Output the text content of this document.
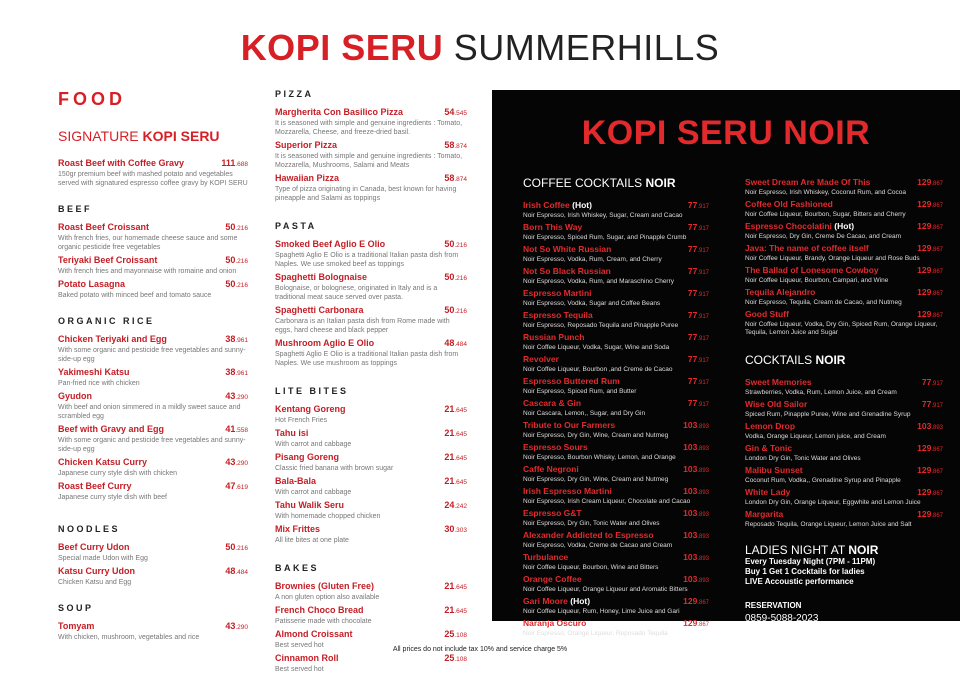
KOPI SERU SUMMERHILLS
FOOD
SIGNATURE KOPI SERU
Roast Beef with Coffee Gravy	111.688
150gr premium beef with mashed potato and vegetables served with signatured espresso coffee gravy by KOPI SERU
BEEF
Roast Beef Croissant	50.216
With french fries, our homemade cheese sauce and some organic pesticide free vegetables
Teriyaki Beef Croissant	50.216
With french fries and mayonnaise with romaine and onion
Potato Lasagna	50.216
Baked potato with minced beef and tomato sauce
ORGANIC RICE
Chicken Teriyaki and Egg	38.961
With some organic and pesticide free vegetables and sunny-side-up egg
Yakimeshi Katsu	38.961
Pan-fried rice with chicken
Gyudon	43.290
With beef and onion simmered in a mildly sweet sauce and scrambled egg
Beef with Gravy and Egg	41.558
With some organic and pesticide free vegetables and sunny-side-up egg
Chicken Katsu Curry	43.290
Japanese curry style dish with chicken
Roast Beef Curry	47.619
Japanese curry style dish with beef
NOODLES
Beef Curry Udon	50.216
Special made Udon with Egg
Katsu Curry Udon	48.484
Chicken Katsu and Egg
SOUP
Tomyam	43.290
With chicken, mushroom, vegetables and rice
PIZZA
Margherita Con Basilico Pizza	54.545
It is seasoned with simple and genuine ingredients : Tomato, Mozzarella, Cheese, and freeze-dried basil.
Superior Pizza	58.874
It is seasoned with simple and genuine ingredients : Tomato, Mozzarella, Mushrooms, Salami and Meats
Hawaiian Pizza	58.874
Type of pizza originating in Canada, best known for having pineapple and Salami as toppings
PASTA
Smoked Beef Aglio E Olio	50.216
Spaghetti Aglio E Olio is a traditional Italian pasta dish from Naples. We use smoked beef as toppings
Spaghetti Bolognaise	50.216
Bolognaise, or bolognese, originated in Italy and is a traditional meat sauce served over pasta.
Spaghetti Carbonara	50.216
Carbonara is an Italian pasta dish from Rome made with eggs, hard cheese and black pepper
Mushroom Aglio E Olio	48.484
Spaghetti Aglio E Olio is a traditional Italian pasta dish from Naples. We use mushroom as toppings
LITE BITES
Kentang Goreng	21.645
Hot French Fries
Tahu isi	21.645
With carrot and cabbage
Pisang Goreng	21.645
Classic fried banana with brown sugar
Bala-Bala	21.645
With carrot and cabbage
Tahu Walik Seru	24.242
With homemade chopped chicken
Mix Frittes	30.303
All lite bites at one plate
BAKES
Brownies (Gluten Free)	21.645
A non gluten option also available
French Choco Bread	21.645
Patisserie made with chocolate
Almond Croissant	25.108
Best served hot
Cinnamon Roll	25.108
Best served hot
KOPI SERU NOIR
COFFEE COCKTAILS NOIR
Irish Coffee (Hot)	77.917
Noir Espresso, Irish Whiskey, Sugar, Cream and Cacao
Born This Way	77.917
Noir Espresso, Spiced Rum, Sugar, and Pinapple Crumb
Not So White Russian	77.917
Noir Espresso, Vodka, Rum, Cream, and Cherry
Not So Black Russian	77.917
Noir Espresso, Vodka, Rum, and Maraschino Cherry
Espresso Martini	77.917
Noir Espresso, Vodka, Sugar and Coffee Beans
Espresso Tequila	77.917
Noir Espresso, Reposado Tequila and Pinapple Puree
Russian Punch	77.917
Noir Coffee Liqueur, Vodka, Sugar, Wine and Soda
Revolver	77.917
Noir Coffee Liqueur, Bourbon ,and Creme de Cacao
Espresso Buttered Rum	77.917
Noir Espresso, Spiced Rum, and Butter
Cascara & Gin	77.917
Noir Cascara, Lemon,, Sugar, and Dry Gin
Tribute to Our Farmers	103.893
Noir Espresso, Dry Gin, Wine, Cream and Nutmeg
Espresso Sours	103.893
Noir Espresso, Bourbon Whisky, Lemon, and Orange
Caffe Negroni	103.893
Noir Espresso, Dry Gin, Wine, Cream and Nutmeg
Irish Espresso Martini	103.893
Noir Espresso, Irish Cream Liqueur, Chocolate and Cacao
Espresso G&T	103.893
Noir Espresso, Dry Gin, Tonic Water and Olives
Alexander Addicted to Espresso	103.893
Noir Espresso, Vodka, Creme de Cacao and Cream
Turbulance	103.893
Noir Coffee Liqueur, Bourbon, Wine and Bitters
Orange Coffee	103.893
Noir Coffee Liqueur, Orange Liqueur and Aromatic Bitters
Gari Moore (Hot)	129.867
Noir Coffee Liqueur, Rum, Honey, Lime Juice and Gari
Naranja Oscuro	129.867
Noir Espresso, Orange Liqueur, Reposado Tequila
Sweet Dream Are Made Of This	129.867
Noir Espresso, Irish Whiskey, Coconut Rum, and Cocoa
Coffee Old Fashioned	129.867
Noir Coffee Liqueur, Bourbon, Sugar, Bitters and Cherry
Espresso Chocolatini (Hot)	129.867
Noir Espresso, Dry Gin, Creme De Cacao, and Cream
Java: The name of coffee itself	129.867
Noir Coffee Liqueur, Brandy, Orange Liqueur and Rose Buds
The Ballad of Lonesome Cowboy	129.867
Noir Coffee Liqueur, Bourbon, Campari, and Wine
Tequila Alejandro	129.867
Noir Espresso, Tequila, Cream de Cacao, and Nutmeg
Good Stuff	129.867
Noir Coffee Liqueur, Vodka, Dry Gin, Spiced Rum, Orange Liqueur, Tequila, Lemon Juice and Sugar
COCKTAILS NOIR
Sweet Memories	77.917
Strawberries, Vodka, Rum, Lemon Juice, and Cream
Wise Old Sailor	77.917
Spiced Rum, Pinapple Puree, Wine and Grenadine Syrup
Lemon Drop	103.893
Vodka, Orange Liqueur, Lemon juice, and Cream
Gin & Tonic	129.867
London Dry Gin, Tonic Water and Olives
Malibu Sunset	129.867
Coconut Rum, Vodka,, Grenadine Syrup and Pinapple
White Lady	129.867
London Dry Gin, Orange Liqueur, Eggwhite and Lemon Juice
Margarita	129.867
Reposado Tequila, Orange Liqueur, Lemon Juice and Salt
LADIES NIGHT AT NOIR
Every Tuesday Night (7PM - 11PM)
Buy 1 Get 1 Cocktails for ladies
LIVE Accoustic performance
RESERVATION
0859-5088-2023
All prices do not include tax 10% and service charge 5%
